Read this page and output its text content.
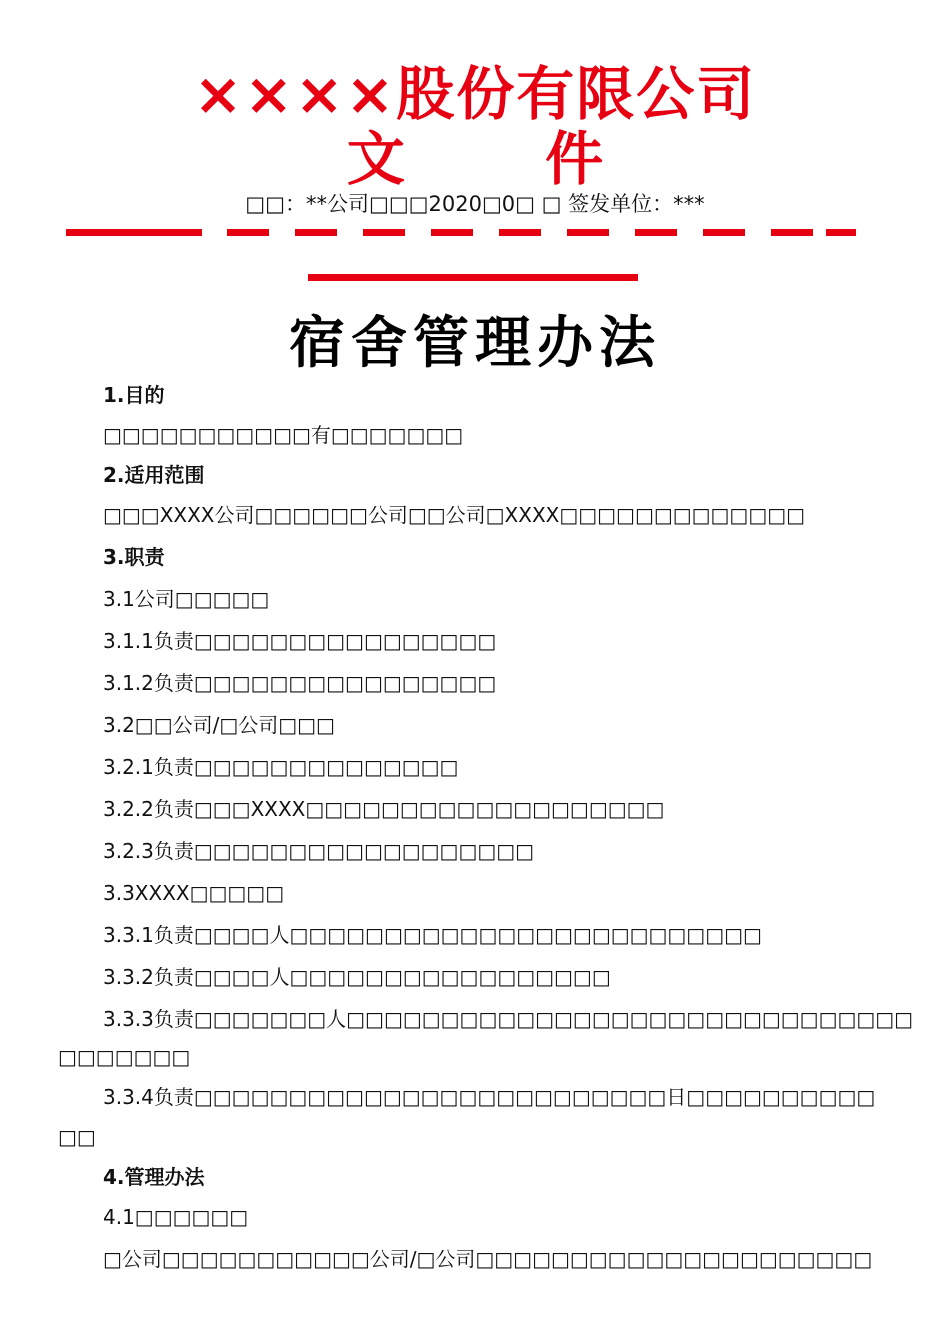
××××股份有限公司
文 件
□□：**公司□□□2020□0□ □ 签发单位：***
宿舍管理办法
1.目的
□□□□□□□□□□□有□□□□□□□
2.适用范围
□□□XXXX公司□□□□□□公司□□公司□XXXX□□□□□□□□□□□□□
3.职责
3.1公司□□□□□
3.1.1负责□□□□□□□□□□□□□□□□
3.1.2负责□□□□□□□□□□□□□□□□
3.2□□公司/□公司□□□
3.2.1负责□□□□□□□□□□□□□□
3.2.2负责□□□XXXX□□□□□□□□□□□□□□□□□□□
3.2.3负责□□□□□□□□□□□□□□□□□□
3.3XXXX□□□□□
3.3.1负责□□□□人□□□□□□□□□□□□□□□□□□□□□□□□□
3.3.2负责□□□□人□□□□□□□□□□□□□□□□□
3.3.3负责□□□□□□□人□□□□□□□□□□□□□□□□□□□□□□□□□□□□□□
□□□□□□□
3.3.4负责□□□□□□□□□□□□□□□□□□□□□□□□□日□□□□□□□□□□
□□
4.管理办法
4.1□□□□□□
□公司□□□□□□□□□□□公司/□公司□□□□□□□□□□□□□□□□□□□□□
